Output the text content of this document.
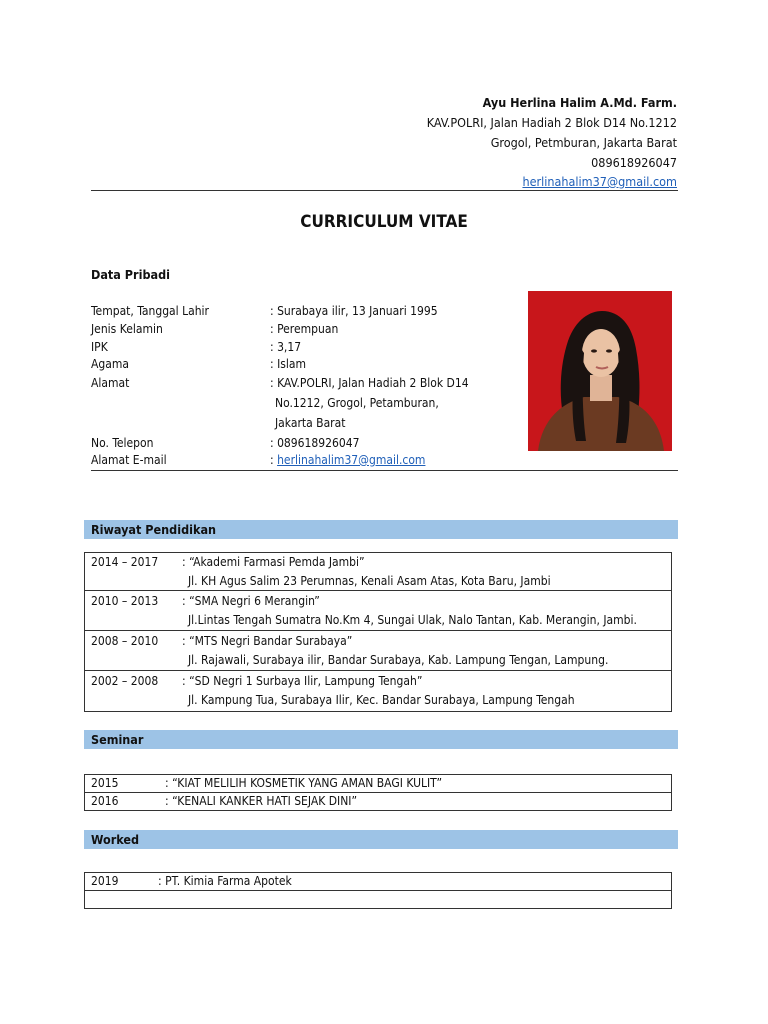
Ayu Herlina Halim A.Md. Farm.
KAV.POLRI, Jalan Hadiah 2 Blok D14 No.1212
Grogol, Petmburan, Jakarta Barat
089618926047
herlinahalim37@gmail.com
CURRICULUM VITAE
Data Pribadi
Tempat, Tanggal Lahir	: Surabaya ilir, 13 Januari 1995
Jenis Kelamin	: Perempuan
IPK	: 3,17
Agama	: Islam
Alamat	: KAV.POLRI, Jalan Hadiah 2 Blok D14
No.1212, Grogol, Petamburan,
Jakarta Barat
No. Telepon	: 089618926047
Alamat E-mail	: herlinahalim37@gmail.com
Riwayat Pendidikan
2014 – 2017 : “Akademi Farmasi Pemda Jambi”
Jl. KH Agus Salim 23 Perumnas, Kenali Asam Atas, Kota Baru, Jambi
2010 – 2013 : “SMA Negri 6 Merangin”
Jl.Lintas Tengah Sumatra No.Km 4, Sungai Ulak, Nalo Tantan, Kab. Merangin, Jambi.
2008 – 2010 : “MTS Negri Bandar Surabaya”
Jl. Rajawali, Surabaya ilir, Bandar Surabaya, Kab. Lampung Tengan, Lampung.
2002 – 2008 : “SD Negri 1 Surbaya Ilir, Lampung Tengah”
Jl. Kampung Tua, Surabaya Ilir, Kec. Bandar Surabaya, Lampung Tengah
Seminar
2015	: “KIAT MELILIH KOSMETIK YANG AMAN BAGI KULIT”
2016	: “KENALI KANKER HATI SEJAK DINI”
Worked
2019	: PT. Kimia Farma Apotek
